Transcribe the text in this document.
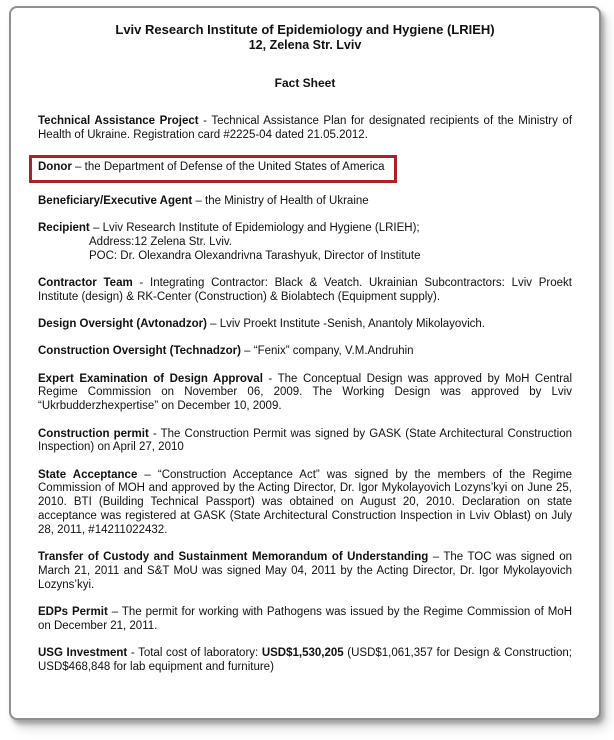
Lviv Research Institute of Epidemiology and Hygiene (LRIEH)
12, Zelena Str. Lviv
Fact Sheet

Technical Assistance Project - Technical Assistance Plan for designated recipients of the Ministry of Health of Ukraine. Registration card #2225-04 dated 21.05.2012.

Donor – the Department of Defense of the United States of America

Beneficiary/Executive Agent – the Ministry of Health of Ukraine

Recipient – Lviv Research Institute of Epidemiology and Hygiene (LRIEH);
Address:12 Zelena Str. Lviv.
POC: Dr. Olexandra Olexandrivna Tarashyuk, Director of Institute

Contractor Team - Integrating Contractor: Black & Veatch. Ukrainian Subcontractors: Lviv Proekt Institute (design) & RK-Center (Construction) & Biolabtech (Equipment supply).

Design Oversight (Avtonadzor) – Lviv Proekt Institute -Senish, Anantoly Mikolayovich.

Construction Oversight (Technadzor) – “Fenix” company, V.M.Andruhin

Expert Examination of Design Approval - The Conceptual Design was approved by MoH Central Regime Commission on November 06, 2009. The Working Design was approved by Lviv “Ukrbudderzhexpertise” on December 10, 2009.

Construction permit - The Construction Permit was signed by GASK (State Architectural Construction Inspection) on April 27, 2010

State Acceptance – “Construction Acceptance Act” was signed by the members of the Regime Commission of MOH and approved by the Acting Director, Dr. Igor Mykolayovich Lozyns’kyi on June 25, 2010. BTI (Building Technical Passport) was obtained on August 20, 2010. Declaration on state acceptance was registered at GASK (State Architectural Construction Inspection in Lviv Oblast) on July 28, 2011, #14211022432.

Transfer of Custody and Sustainment Memorandum of Understanding – The TOC was signed on March 21, 2011 and S&T MoU was signed May 04, 2011 by the Acting Director, Dr. Igor Mykolayovich Lozyns’kyi.

EDPs Permit – The permit for working with Pathogens was issued by the Regime Commission of MoH on December 21, 2011.

USG Investment - Total cost of laboratory: USD$1,530,205 (USD$1,061,357 for Design & Construction; USD$468,848 for lab equipment and furniture)
